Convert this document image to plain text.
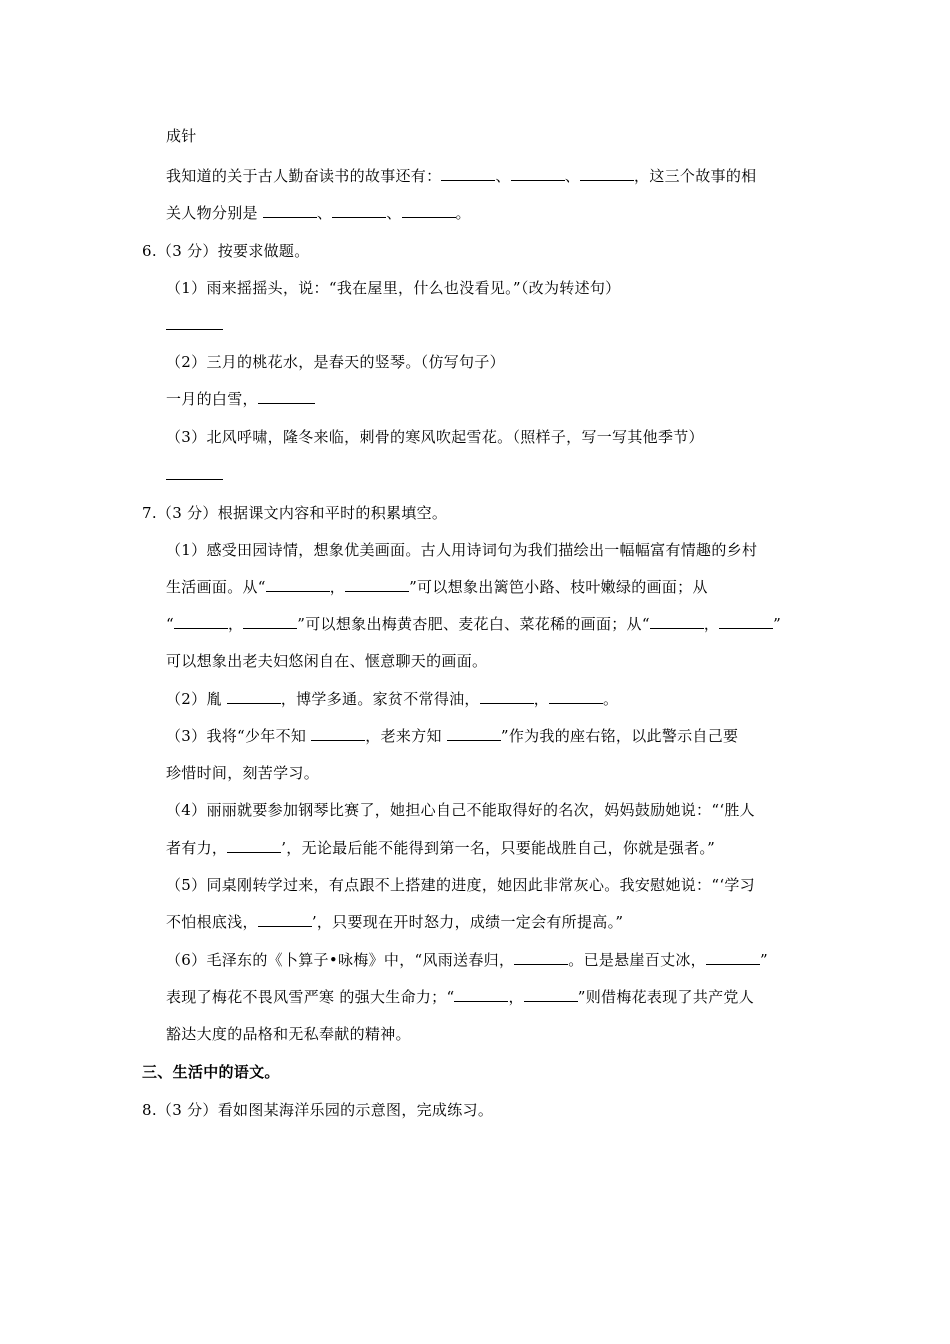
成针
我知道的关于古人勤奋读书的故事还有：	、	、	，这三个故事的相
关人物分别是	、	、	。
6.（3 分）按要求做题。
（1）雨来摇摇头，说：“我在屋里，什么也没看见。”（改为转述句）
（2）三月的桃花水，是春天的竖琴。（仿写句子）
一月的白雪，
（3）北风呼啸，隆冬来临，刺骨的寒风吹起雪花。（照样子，写一写其他季节）
7.（3 分）根据课文内容和平时的积累填空。
（1）感受田园诗情，想象优美画面。古人用诗词句为我们描绘出一幅幅富有情趣的乡村
生活画面。从“	，	”可以想象出篱笆小路、枝叶嫩绿的画面；从
“	，	”可以想象出梅黄杏肥、麦花白、菜花稀的画面；从“	，	”
可以想象出老夫妇悠闲自在、惬意聊天的画面。
（2）胤	，博学多通。家贫不常得油，	，	。
（3）我将“少年不知	，老来方知	”作为我的座右铭，以此警示自己要
珍惜时间，刻苦学习。
（4）丽丽就要参加钢琴比赛了，她担心自己不能取得好的名次，妈妈鼓励她说：“‘胜人
者有力，	’，无论最后能不能得到第一名，只要能战胜自己，你就是强者。”
（5）同桌刚转学过来，有点跟不上搭建的进度，她因此非常灰心。我安慰她说：“‘学习
不怕根底浅，	’，只要现在开时怒力，成绩一定会有所提高。”
（6）毛泽东的《卜算子•咏梅》中，“风雨送春归，	。已是悬崖百丈冰，	”
表现了梅花不畏风雪严寒 的强大生命力；“	，	”则借梅花表现了共产党人
豁达大度的品格和无私奉献的精神。
三、生活中的语文。
8.（3 分）看如图某海洋乐园的示意图，完成练习。
